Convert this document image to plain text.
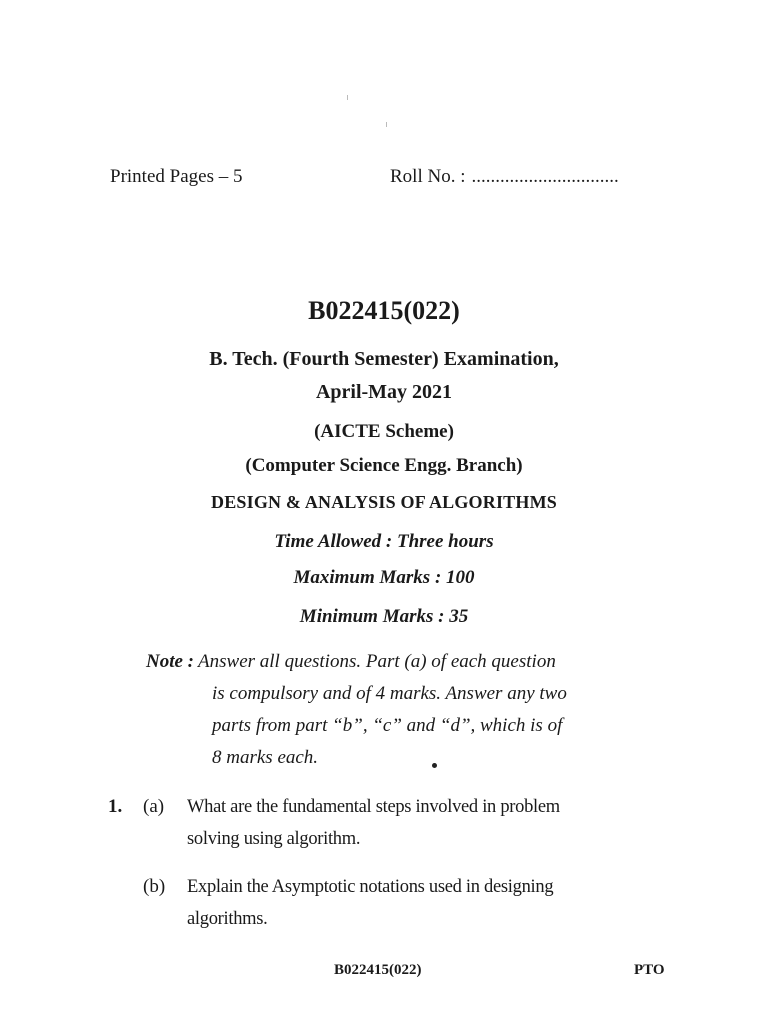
Printed Pages – 5	Roll No. : ...............................
B022415(022)
B. Tech. (Fourth Semester) Examination,
April-May 2021
(AICTE Scheme)
(Computer Science Engg. Branch)
DESIGN & ANALYSIS OF ALGORITHMS
Time Allowed : Three hours
Maximum Marks : 100
Minimum Marks : 35
Note : Answer all questions. Part (a) of each question
is compulsory and of 4 marks. Answer any two
parts from part “b”, “c” and “d”, which is of
8 marks each.
1. (a) What are the fundamental steps involved in problem
solving using algorithm.
(b) Explain the Asymptotic notations used in designing
algorithms.
B022415(022)	PTO
